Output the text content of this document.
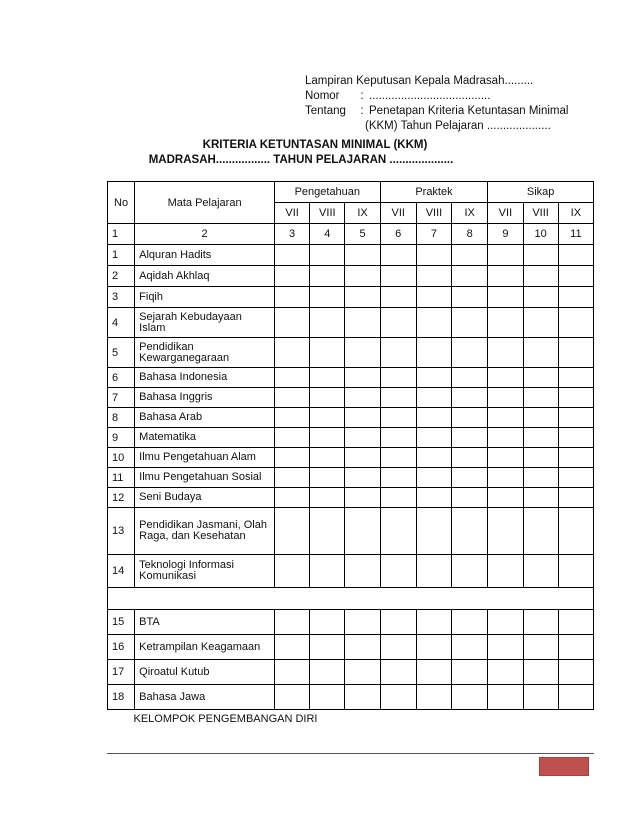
Lampiran Keputusan Kepala Madrasah.........
Nomor	: ......................................
Tentang	: Penetapan Kriteria Ketuntasan Minimal
(KKM) Tahun Pelajaran ....................
KRITERIA KETUNTASAN MINIMAL (KKM)
MADRASAH................. TAHUN PELAJARAN ....................
No	Mata Pelajaran	Pengetahuan			Praktek			Sikap		
		VII	VIII	IX	VII	VIII	IX	VII	VIII	IX
1	2	3	4	5	6	7	8	9	10	11
1	Alquran Hadits									
2	Aqidah Akhlaq									
3	Fiqih									
4	Sejarah Kebudayaan Islam									
5	Pendidikan Kewarganegaraan									
6	Bahasa Indonesia									
7	Bahasa Inggris									
8	Bahasa Arab									
9	Matematika									
10	Ilmu Pengetahuan Alam									
11	Ilmu Pengetahuan Sosial									
12	Seni Budaya									
13	Pendidikan Jasmani, Olah Raga, dan Kesehatan									
14	Teknologi Informasi Komunikasi									

15	BTA									
16	Ketrampilan Keagamaan									
17	Qiroatul Kutub									
18	Bahasa Jawa									
KELOMPOK PENGEMBANGAN DIRI										
